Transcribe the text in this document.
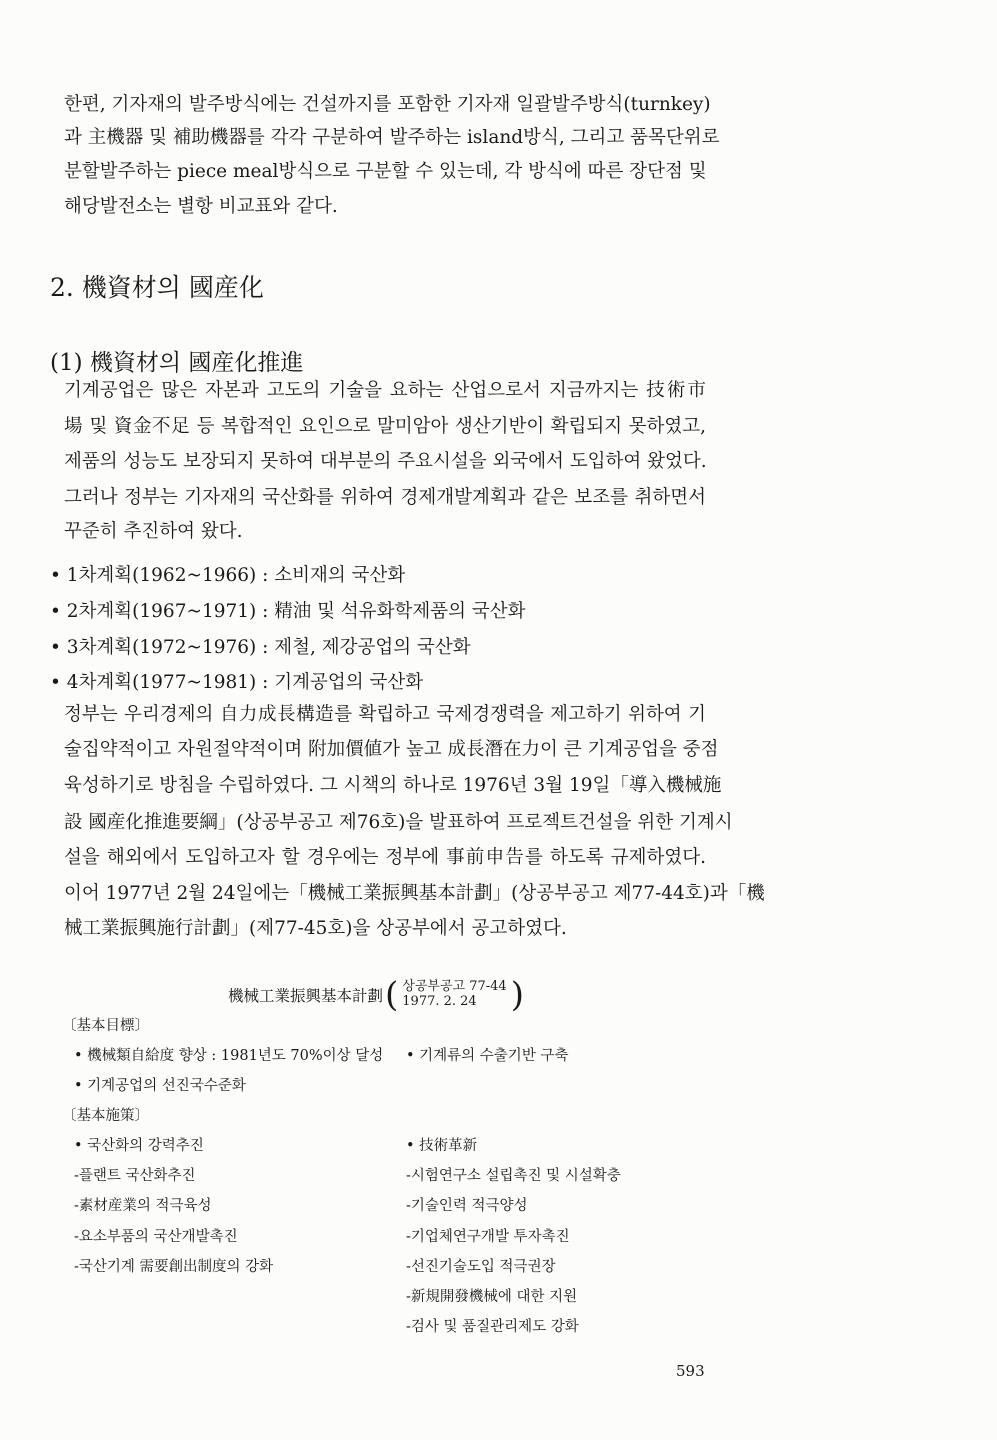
한편, 기자재의 발주방식에는 건설까지를 포함한 기자재 일괄발주방식(turnkey)
과 主機器 및 補助機器를 각각 구분하여 발주하는 island방식, 그리고 품목단위로
분할발주하는 piece meal방식으로 구분할 수 있는데, 각 방식에 따른 장단점 및
해당발전소는 별항 비교표와 같다.
2. 機資材의 國産化
(1) 機資材의 國産化推進
기계공업은 많은 자본과 고도의 기술을 요하는 산업으로서 지금까지는 技術市
場 및 資金不足 등 복합적인 요인으로 말미암아 생산기반이 확립되지 못하였고,
제품의 성능도 보장되지 못하여 대부분의 주요시설을 외국에서 도입하여 왔었다.
그러나 정부는 기자재의 국산화를 위하여 경제개발계획과 같은 보조를 취하면서
꾸준히 추진하여 왔다.
• 1차계획(1962~1966) : 소비재의 국산화
• 2차계획(1967~1971) : 精油 및 석유화학제품의 국산화
• 3차계획(1972~1976) : 제철, 제강공업의 국산화
• 4차계획(1977~1981) : 기계공업의 국산화
정부는 우리경제의 自力成長構造를 확립하고 국제경쟁력을 제고하기 위하여 기
술집약적이고 자원절약적이며 附加價値가 높고 成長潛在力이 큰 기계공업을 중점
육성하기로 방침을 수립하였다. 그 시책의 하나로 1976년 3월 19일「導入機械施
設 國産化推進要綱」(상공부공고 제76호)을 발표하여 프로젝트건설을 위한 기계시
설을 해외에서 도입하고자 할 경우에는 정부에 事前申告를 하도록 규제하였다.
이어 1977년 2월 24일에는「機械工業振興基本計劃」(상공부공고 제77-44호)과「機
械工業振興施行計劃」(제77-45호)을 상공부에서 공고하였다.
機械工業振興基本計劃 ( 상공부공고 77-44
1977. 2. 24 )
〔基本目標〕
• 機械類自給度 향상 : 1981년도 70%이상 달성 • 기계류의 수출기반 구축
• 기계공업의 선진국수준화
〔基本施策〕
• 국산화의 강력추진
-플랜트 국산화추진
-素材産業의 적극육성
-요소부품의 국산개발촉진
-국산기계 需要創出制度의 강화
• 技術革新
-시험연구소 설립촉진 및 시설확충
-기술인력 적극양성
-기업체연구개발 투자촉진
-선진기술도입 적극권장
-新規開發機械에 대한 지원
-검사 및 품질관리제도 강화
593
